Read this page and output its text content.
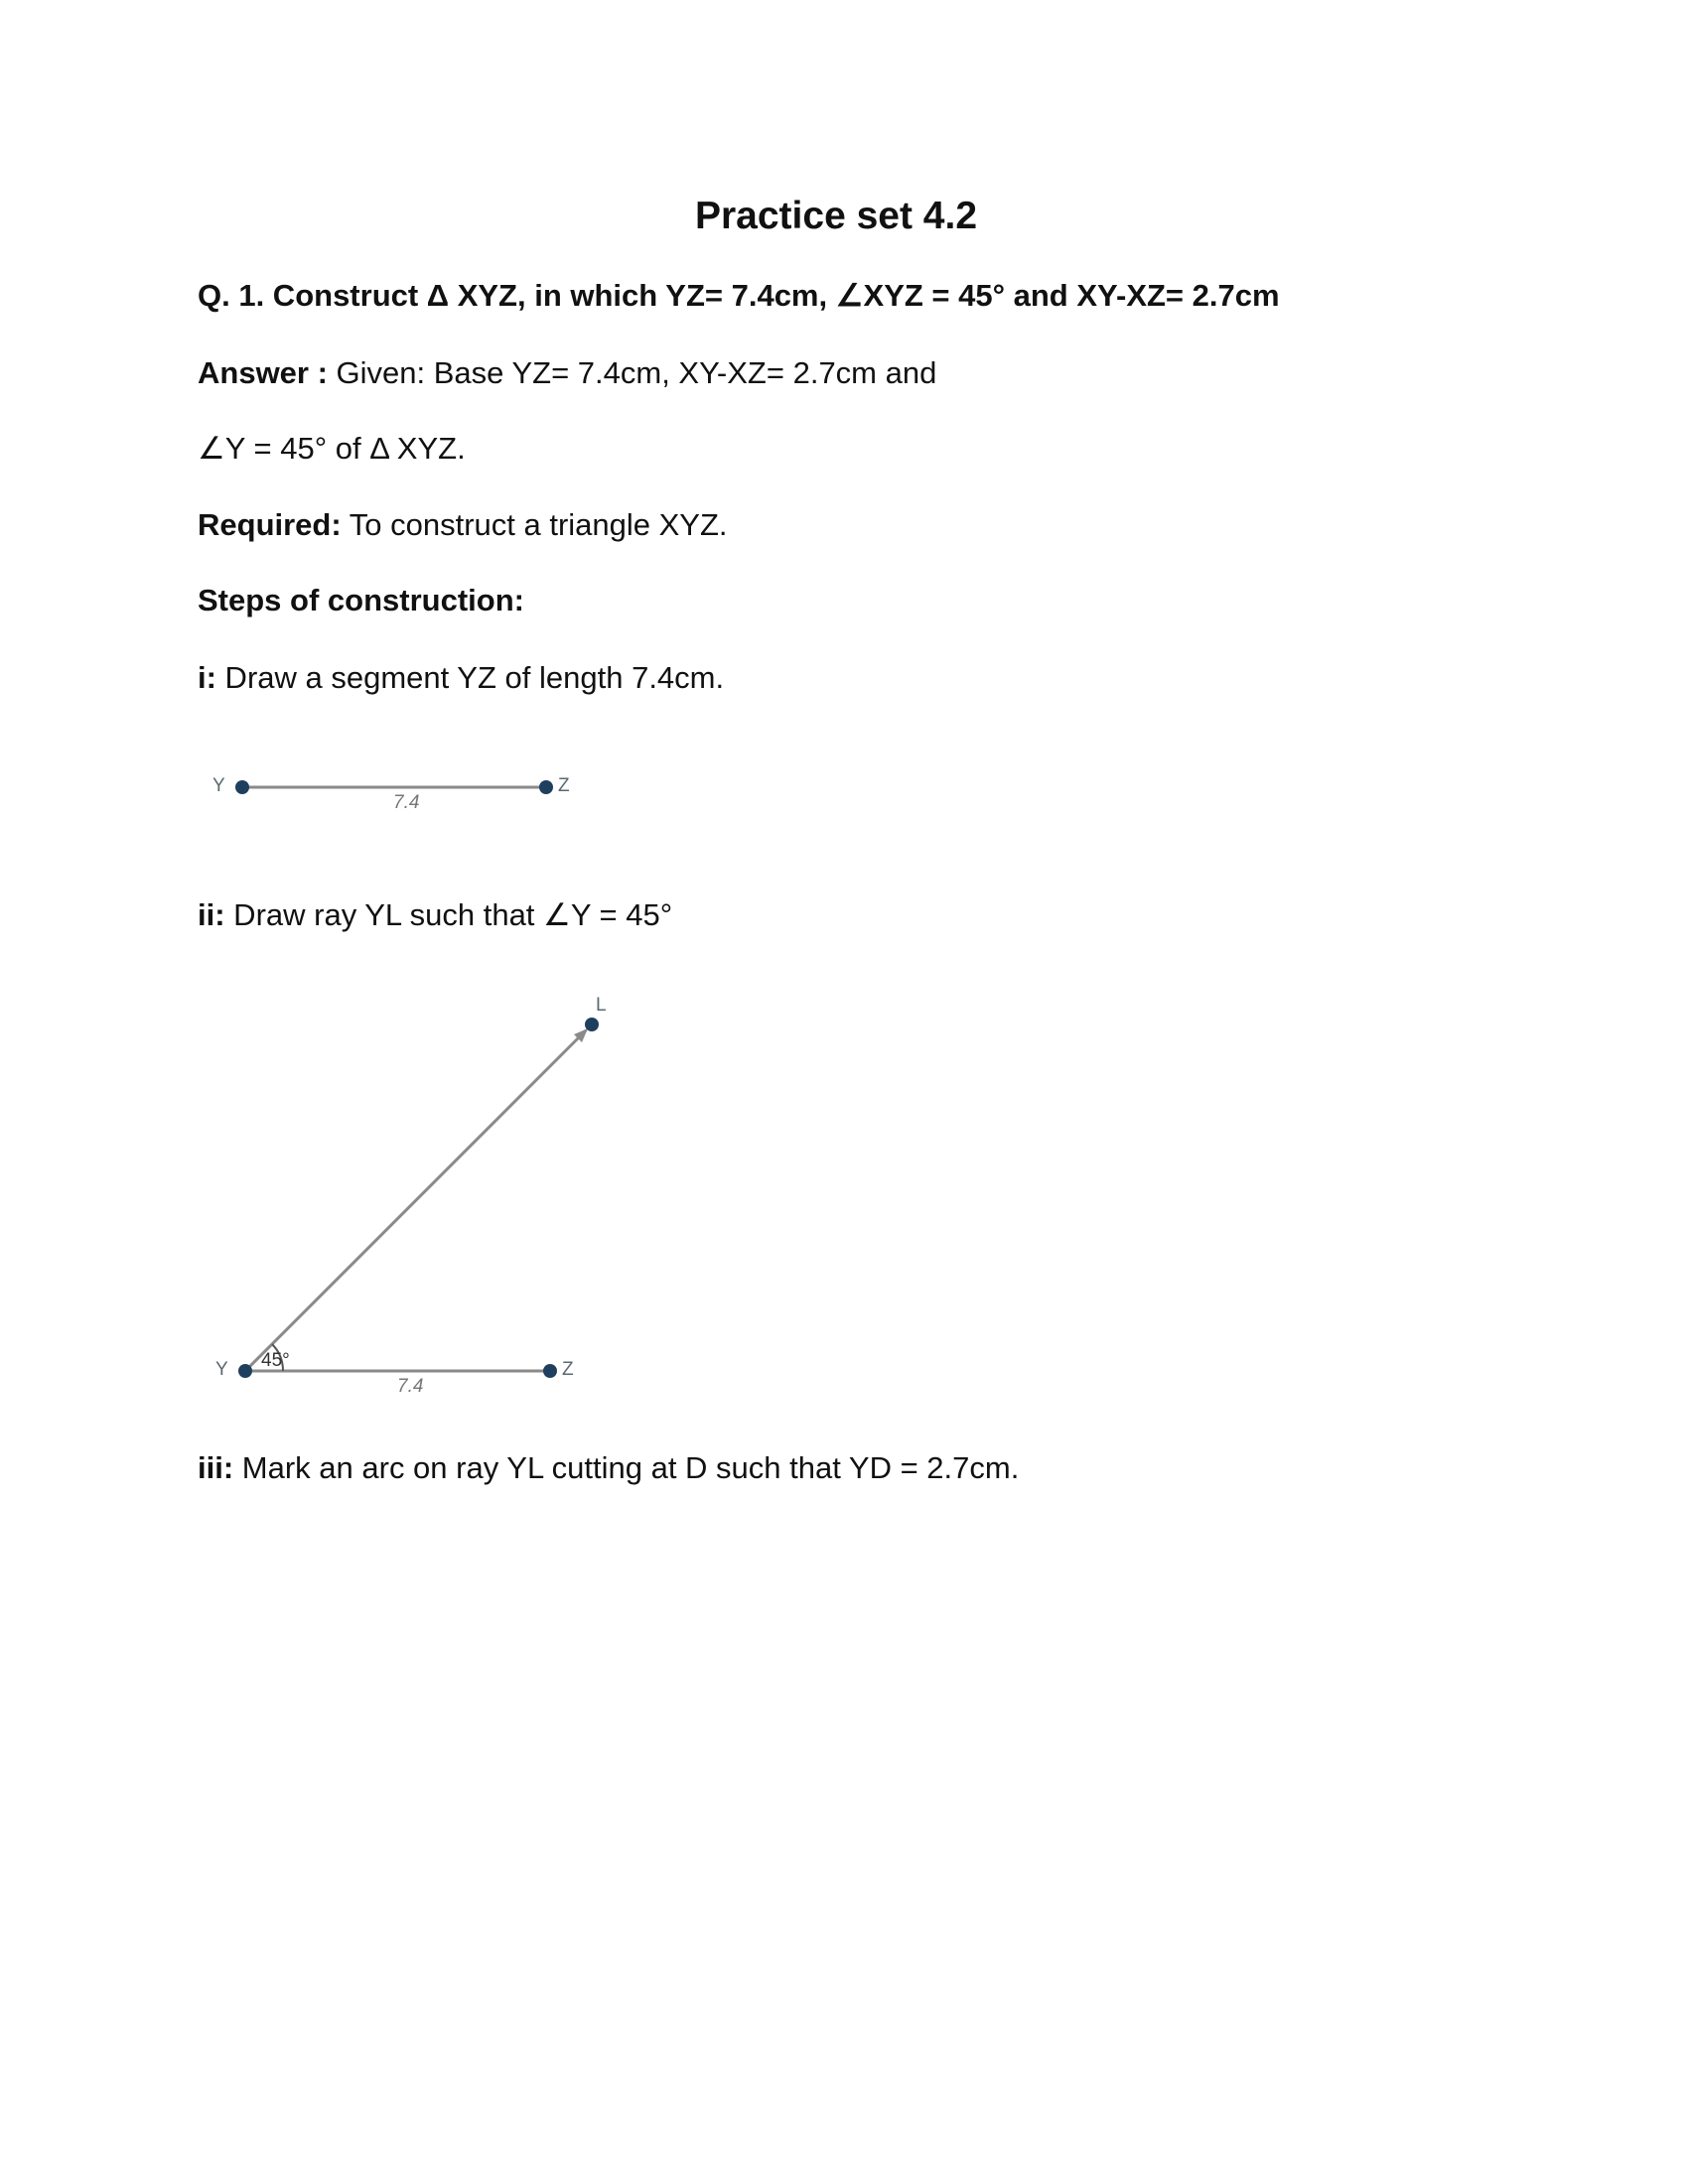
Practice set 4.2
Q. 1. Construct Δ XYZ, in which YZ= 7.4cm, ∠XYZ = 45° and XY-XZ= 2.7cm
Answer : Given: Base YZ= 7.4cm, XY-XZ= 2.7cm and
∠Y = 45° of Δ XYZ.
Required: To construct a triangle XYZ.
Steps of construction:
i: Draw a segment YZ of length 7.4cm.
Y	Z
7.4
Y	Z
L
45°
7.4
ii: Draw ray YL such that ∠Y = 45°
iii: Mark an arc on ray YL cutting at D such that YD = 2.7cm.
